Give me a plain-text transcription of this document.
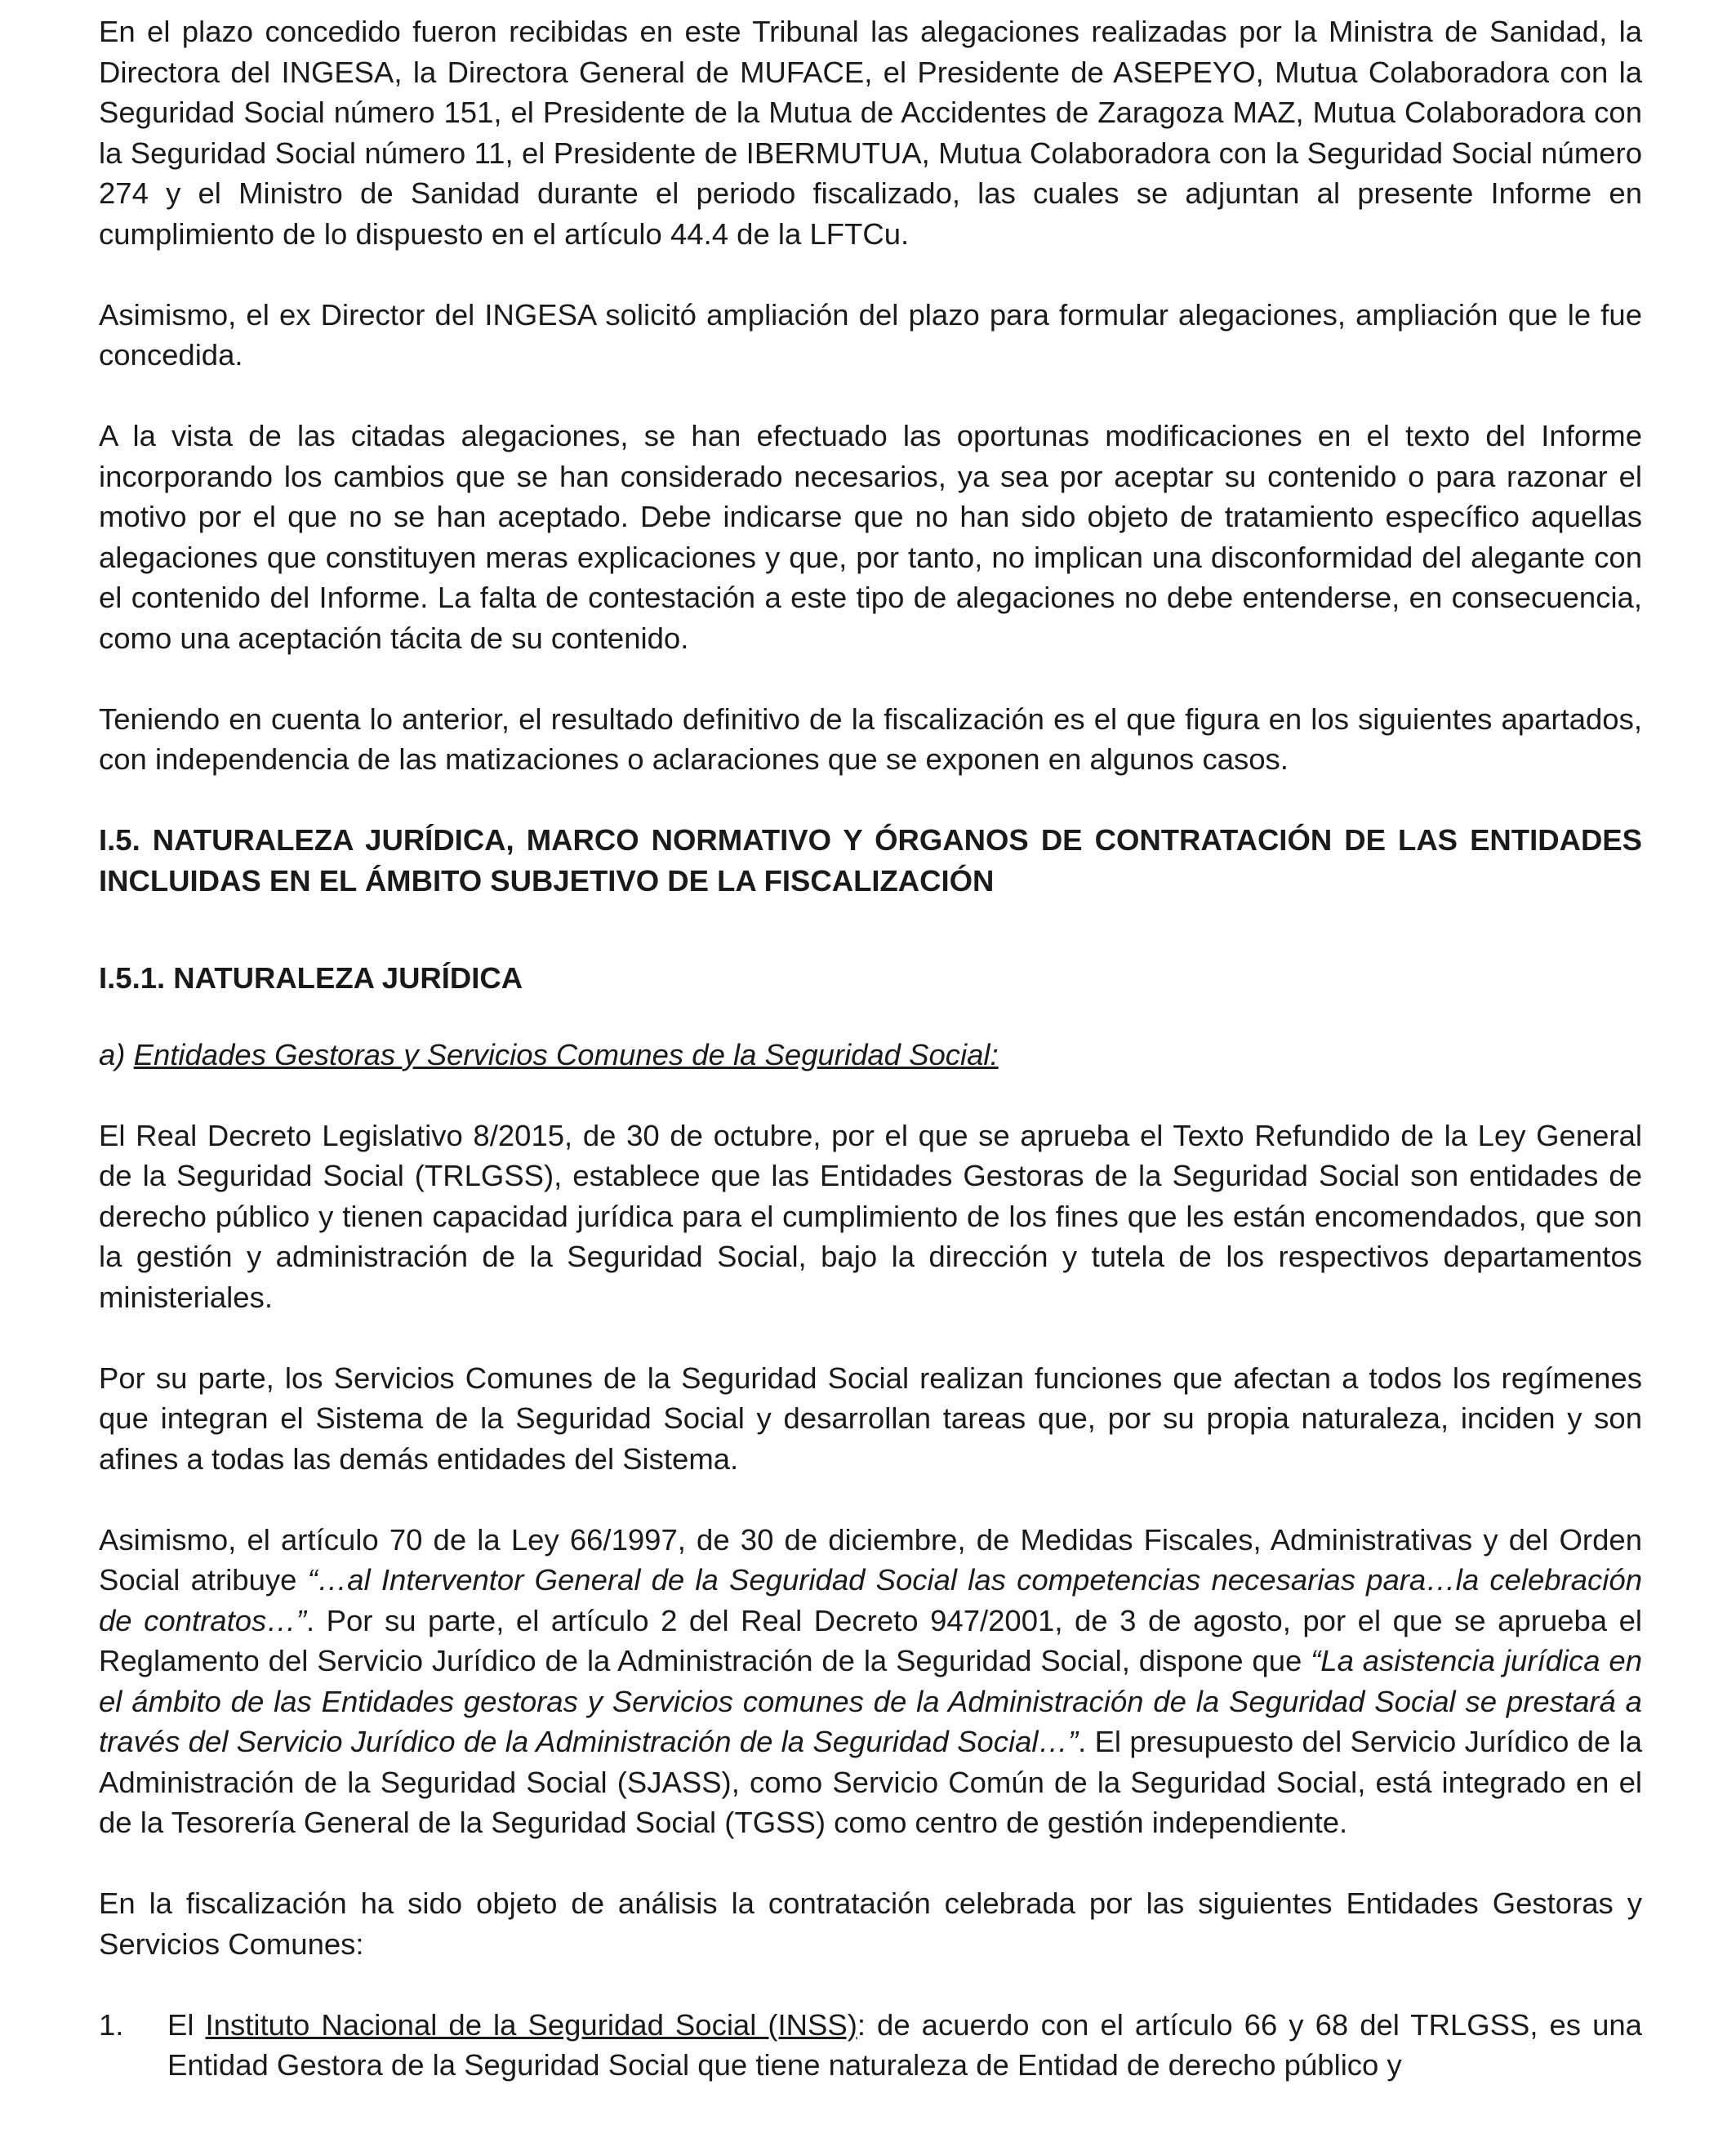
En el plazo concedido fueron recibidas en este Tribunal las alegaciones realizadas por la Ministra de Sanidad, la Directora del INGESA, la Directora General de MUFACE, el Presidente de ASEPEYO, Mutua Colaboradora con la Seguridad Social número 151, el Presidente de la Mutua de Accidentes de Zaragoza MAZ, Mutua Colaboradora con la Seguridad Social número 11, el Presidente de IBERMUTUA, Mutua Colaboradora con la Seguridad Social número 274 y el Ministro de Sanidad durante el periodo fiscalizado, las cuales se adjuntan al presente Informe en cumplimiento de lo dispuesto en el artículo 44.4 de la LFTCu.

Asimismo, el ex Director del INGESA solicitó ampliación del plazo para formular alegaciones, ampliación que le fue concedida.

A la vista de las citadas alegaciones, se han efectuado las oportunas modificaciones en el texto del Informe incorporando los cambios que se han considerado necesarios, ya sea por aceptar su contenido o para razonar el motivo por el que no se han aceptado. Debe indicarse que no han sido objeto de tratamiento específico aquellas alegaciones que constituyen meras explicaciones y que, por tanto, no implican una disconformidad del alegante con el contenido del Informe. La falta de contestación a este tipo de alegaciones no debe entenderse, en consecuencia, como una aceptación tácita de su contenido.

Teniendo en cuenta lo anterior, el resultado definitivo de la fiscalización es el que figura en los siguientes apartados, con independencia de las matizaciones o aclaraciones que se exponen en algunos casos.

I.5. NATURALEZA JURÍDICA, MARCO NORMATIVO Y ÓRGANOS DE CONTRATACIÓN DE LAS ENTIDADES INCLUIDAS EN EL ÁMBITO SUBJETIVO DE LA FISCALIZACIÓN
I.5.1. NATURALEZA JURÍDICA
a) Entidades Gestoras y Servicios Comunes de la Seguridad Social:

El Real Decreto Legislativo 8/2015, de 30 de octubre, por el que se aprueba el Texto Refundido de la Ley General de la Seguridad Social (TRLGSS), establece que las Entidades Gestoras de la Seguridad Social son entidades de derecho público y tienen capacidad jurídica para el cumplimiento de los fines que les están encomendados, que son la gestión y administración de la Seguridad Social, bajo la dirección y tutela de los respectivos departamentos ministeriales.

Por su parte, los Servicios Comunes de la Seguridad Social realizan funciones que afectan a todos los regímenes que integran el Sistema de la Seguridad Social y desarrollan tareas que, por su propia naturaleza, inciden y son afines a todas las demás entidades del Sistema.

Asimismo, el artículo 70 de la Ley 66/1997, de 30 de diciembre, de Medidas Fiscales, Administrativas y del Orden Social atribuye “…al Interventor General de la Seguridad Social las competencias necesarias para…la celebración de contratos…”. Por su parte, el artículo 2 del Real Decreto 947/2001, de 3 de agosto, por el que se aprueba el Reglamento del Servicio Jurídico de la Administración de la Seguridad Social, dispone que “La asistencia jurídica en el ámbito de las Entidades gestoras y Servicios comunes de la Administración de la Seguridad Social se prestará a través del Servicio Jurídico de la Administración de la Seguridad Social…”. El presupuesto del Servicio Jurídico de la Administración de la Seguridad Social (SJASS), como Servicio Común de la Seguridad Social, está integrado en el de la Tesorería General de la Seguridad Social (TGSS) como centro de gestión independiente.

En la fiscalización ha sido objeto de análisis la contratación celebrada por las siguientes Entidades Gestoras y Servicios Comunes:

1. El Instituto Nacional de la Seguridad Social (INSS): de acuerdo con el artículo 66 y 68 del TRLGSS, es una Entidad Gestora de la Seguridad Social que tiene naturaleza de Entidad de derecho público y
